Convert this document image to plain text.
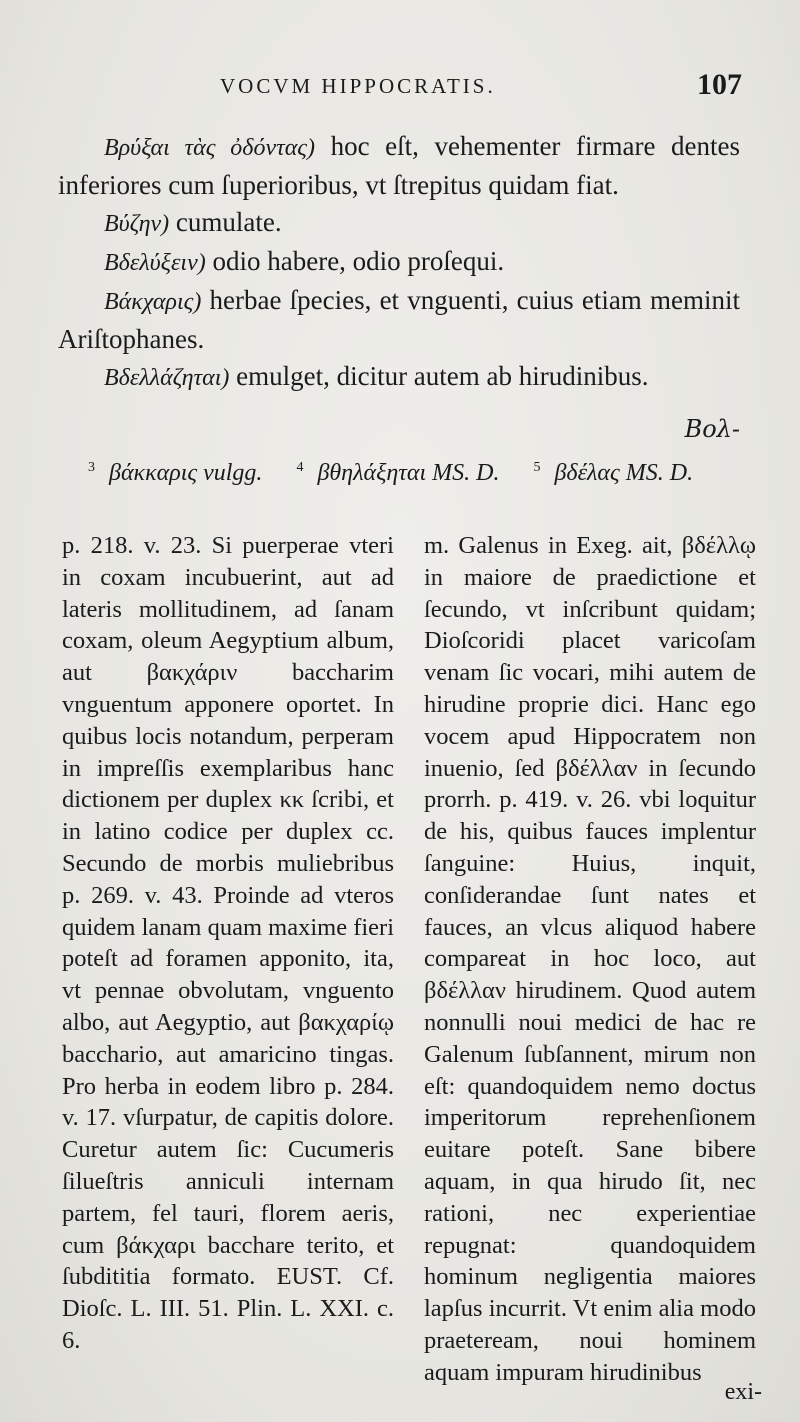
VOCVM HIPPOCRATIS.	107

Βρύξαι τὰς ὀδόντας) hoc eſt, vehementer firmare dentes inferiores cum ſuperioribus, vt ſtrepitus quidam fiat.

Βύζην) cumulate.

Βδελύξειν) odio habere, odio proſequi.

Βάκχαρις) herbae ſpecies, et vnguenti, cuius etiam meminit Ariſtophanes.

Βδελλάζηται) emulget, dicitur autem ab hirudinibus.

Βολ-
$^3$ βάκκαρις vulgg. $^4$ βθηλάξηται MS. D. $^5$ βδέλας MS. D.

p. 218. v. 23. Si puerperae vteri in coxam incubuerint, aut ad lateris mollitudinem, ad ſanam coxam, oleum Aegyptium album, aut βακχάριν baccharim vnguentum apponere oportet. In quibus locis notandum, perperam in impreſſis exemplaribus hanc dictionem per duplex κκ ſcribi, et in latino codice per duplex cc. Secundo de morbis muliebribus p. 269. v. 43. Proinde ad vteros quidem lanam quam maxime fieri poteſt ad foramen apponito, ita, vt pennae obvolutam, vnguento albo, aut Aegyptio, aut βακχαρίῳ bacchario, aut amaricino tingas. Pro herba in eodem libro p. 284. v. 17. vſurpatur, de capitis dolore. Curetur autem ſic: Cucumeris ſilueſtris anniculi internam partem, fel tauri, florem aeris, cum βάκχαρι bacchare terito, et ſubdititia formato. EUST. Cf. Dioſc. L. III. 51. Plin. L. XXI. c. 6.

m. Galenus in Exeg. ait, βδέλλῳ in maiore de praedictione et ſecundo, vt inſcribunt quidam; Dioſcoridi placet varicoſam venam ſic vocari, mihi autem de hirudine proprie dici. Hanc ego vocem apud Hippocratem non inuenio, ſed βδέλλαν in ſecundo prorrh. p. 419. v. 26. vbi loquitur de his, quibus fauces implentur ſanguine: Huius, inquit, conſiderandae ſunt nates et fauces, an vlcus aliquod habere compareat in hoc loco, aut βδέλλαν hirudinem. Quod autem nonnulli noui medici de hac re Galenum ſubſannent, mirum non eſt: quandoquidem nemo doctus imperitorum reprehenſionem euitare poteſt. Sane bibere aquam, in qua hirudo ſit, nec rationi, nec experientiae repugnat: quandoquidem hominum negligentia maiores lapſus incurrit. Vt enim alia modo praeteream, noui hominem aquam impuram hirudinibus

exi-
